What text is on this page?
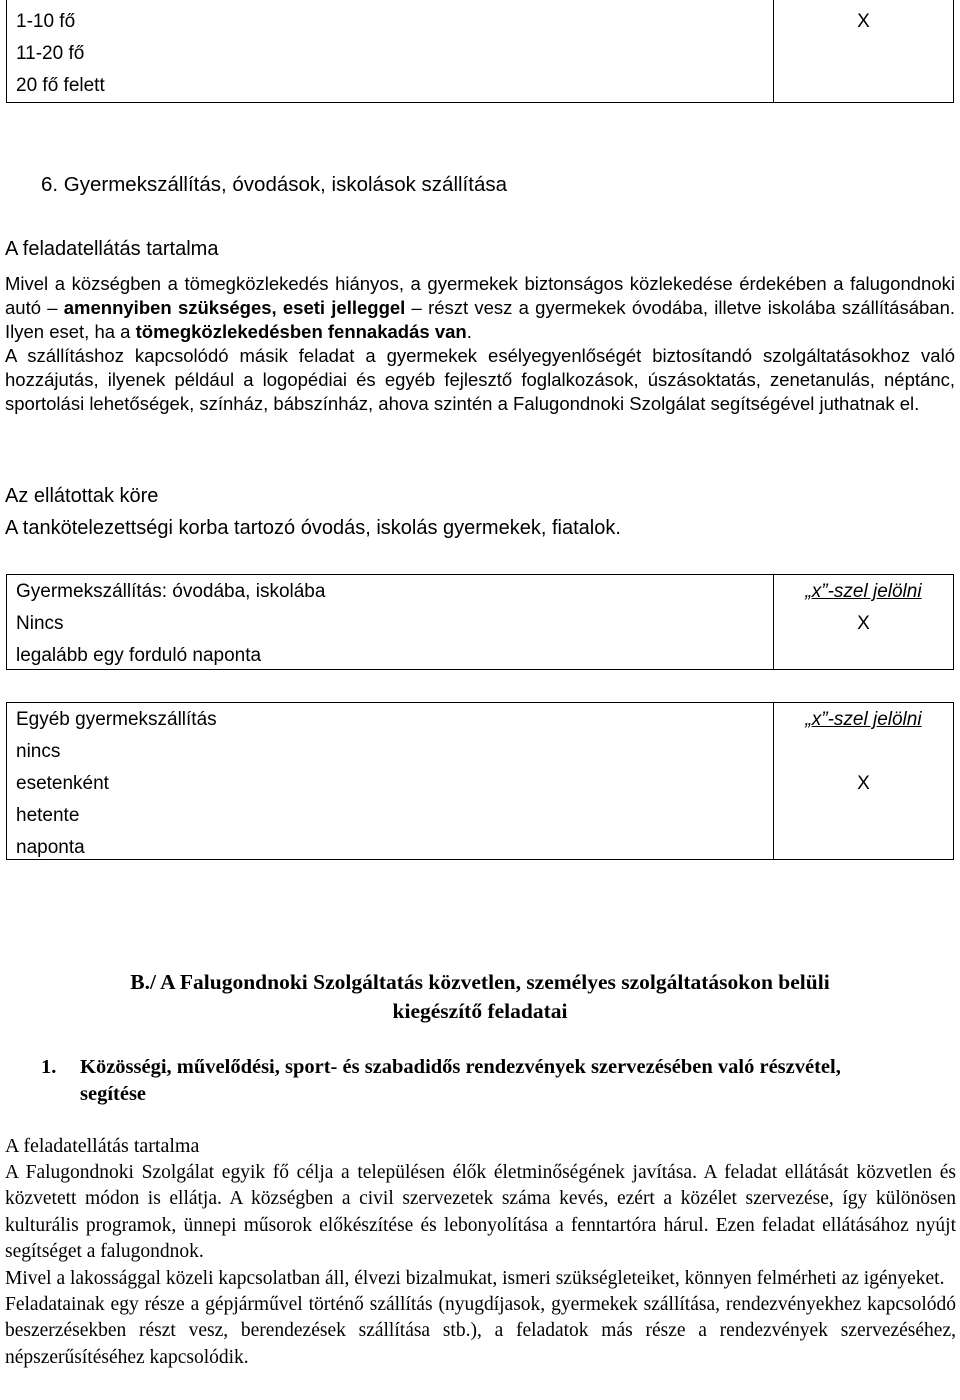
1-10 fő
11-20 fő
20 fő felett
X
6. Gyermekszállítás, óvodások, iskolások szállítása
A feladatellátás tartalma

Mivel a községben a tömegközlekedés hiányos, a gyermekek biztonságos közlekedése érdekében a falugondnoki autó – amennyiben szükséges, eseti jelleggel – részt vesz a gyermekek óvodába, illetve iskolába szállításában. Ilyen eset, ha a tömegközlekedésben fennakadás van.

A szállításhoz kapcsolódó másik feladat a gyermekek esélyegyenlőségét biztosítandó szolgáltatásokhoz való hozzájutás, ilyenek például a logopédiai és egyéb fejlesztő foglalkozások, úszásoktatás, zenetanulás, néptánc, sportolási lehetőségek, színház, bábszínház, ahova szintén a Falugondnoki Szolgálat segítségével juthatnak el.

Az ellátottak köre
A tankötelezettségi korba tartozó óvodás, iskolás gyermekek, fiatalok.
Gyermekszállítás: óvodába, iskolába
Nincs
legalább egy forduló naponta
„x”-szel jelölni
X
Egyéb gyermekszállítás
nincs
esetenként
hetente
naponta
„x”-szel jelölni
X
B./ A Falugondnoki Szolgáltatás közvetlen, személyes szolgáltatásokon belüli
kiegészítő feladatai
1. Közösségi, művelődési, sport- és szabadidős rendezvények szervezésében való részvétel,
segítése
A feladatellátás tartalma

A Falugondnoki Szolgálat egyik fő célja a településen élők életminőségének javítása. A feladat ellátását közvetlen és közvetett módon is ellátja. A községben a civil szervezetek száma kevés, ezért a közélet szervezése, így különösen kulturális programok, ünnepi műsorok előkészítése és lebonyolítása a fenntartóra hárul. Ezen feladat ellátásához nyújt segítséget a falugondnok.

Mivel a lakossággal közeli kapcsolatban áll, élvezi bizalmukat, ismeri szükségleteiket, könnyen felmérheti az igényeket.

Feladatainak egy része a gépjárművel történő szállítás (nyugdíjasok, gyermekek szállítása, rendezvényekhez kapcsolódó beszerzésekben részt vesz, berendezések szállítása stb.), a feladatok más része a rendezvények szervezéséhez, népszerűsítéséhez kapcsolódik.
